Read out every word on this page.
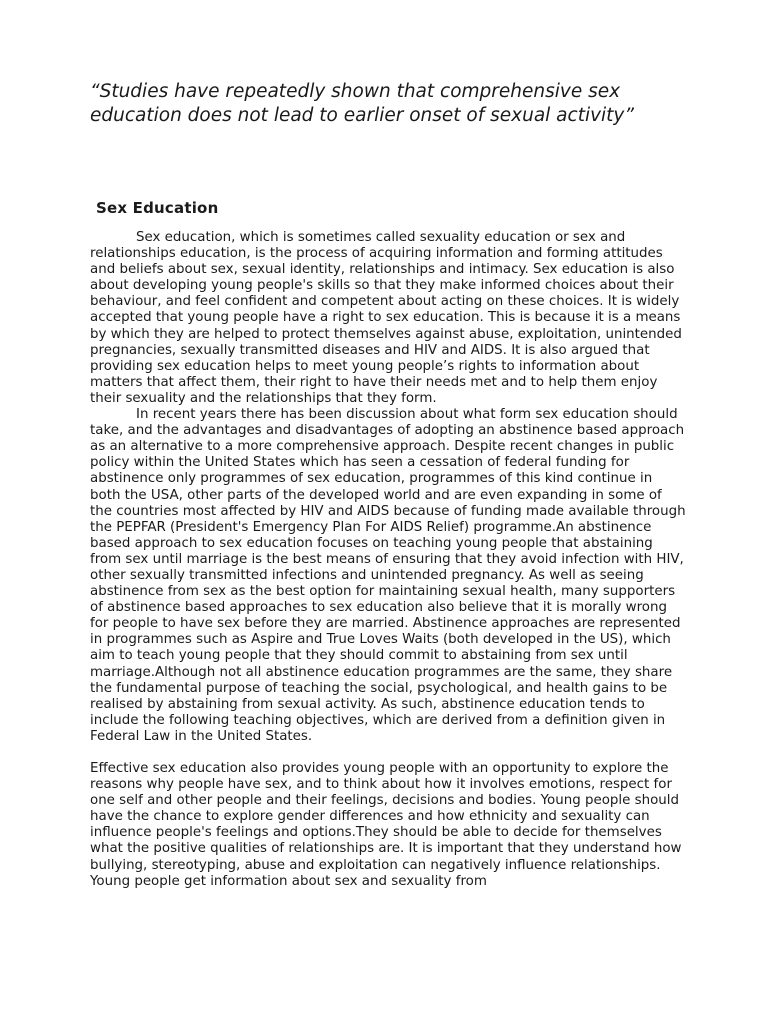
“Studies have repeatedly shown that comprehensive sex education does not lead to earlier onset of sexual activity”
Sex Education

Sex education, which is sometimes called sexuality education or sex and relationships education, is the process of acquiring information and forming attitudes and beliefs about sex, sexual identity, relationships and intimacy. Sex education is also about developing young people's skills so that they make informed choices about their behaviour, and feel confident and competent about acting on these choices. It is widely accepted that young people have a right to sex education. This is because it is a means by which they are helped to protect themselves against abuse, exploitation, unintended pregnancies, sexually transmitted diseases and HIV and AIDS. It is also argued that providing sex education helps to meet young people’s rights to information about matters that affect them, their right to have their needs met and to help them enjoy their sexuality and the relationships that they form.

In recent years there has been discussion about what form sex education should take, and the advantages and disadvantages of adopting an abstinence based approach as an alternative to a more comprehensive approach. Despite recent changes in public policy within the United States which has seen a cessation of federal funding for abstinence only programmes of sex education, programmes of this kind continue in both the USA, other parts of the developed world and are even expanding in some of the countries most affected by HIV and AIDS because of funding made available through the PEPFAR (President's Emergency Plan For AIDS Relief) programme.An abstinence based approach to sex education focuses on teaching young people that abstaining from sex until marriage is the best means of ensuring that they avoid infection with HIV, other sexually transmitted infections and unintended pregnancy. As well as seeing abstinence from sex as the best option for maintaining sexual health, many supporters of abstinence based approaches to sex education also believe that it is morally wrong for people to have sex before they are married. Abstinence approaches are represented in programmes such as Aspire and True Loves Waits (both developed in the US), which aim to teach young people that they should commit to abstaining from sex until marriage.Although not all abstinence education programmes are the same, they share the fundamental purpose of teaching the social, psychological, and health gains to be realised by abstaining from sexual activity. As such, abstinence education tends to include the following teaching objectives, which are derived from a definition given in Federal Law in the United States.

Effective sex education also provides young people with an opportunity to explore the reasons why people have sex, and to think about how it involves emotions, respect for one self and other people and their feelings, decisions and bodies. Young people should have the chance to explore gender differences and how ethnicity and sexuality can influence people's feelings and options.They should be able to decide for themselves what the positive qualities of relationships are. It is important that they understand how bullying, stereotyping, abuse and exploitation can negatively influence relationships. Young people get information about sex and sexuality from
